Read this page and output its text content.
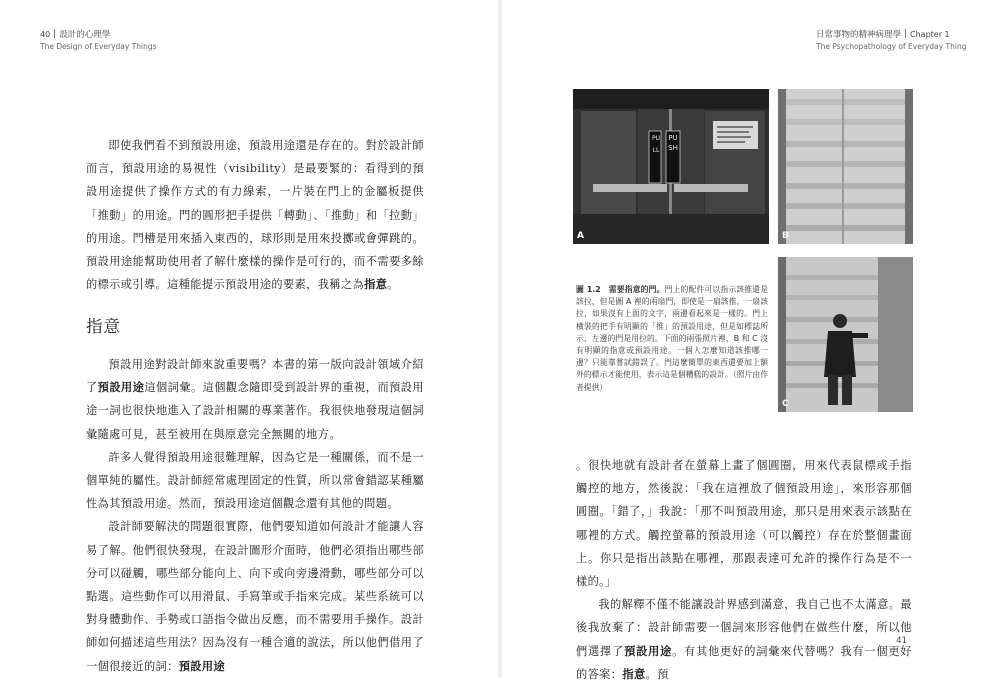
40 設計的心理學
The Design of Everyday Things

即使我們看不到預設用途，預設用途還是存在的。對於設計師而言，預設用途的易視性（visibility）是最要緊的：看得到的預設用途提供了操作方式的有力線索，一片裝在門上的金屬板提供「推動」的用途。門的圓形把手提供「轉動」、「推動」和「拉動」的用途。門槽是用來插入東西的，球形則是用來投擲或會彈跳的。預設用途能幫助使用者了解什麼樣的操作是可行的，而不需要多餘的標示或引導。這種能提示預設用途的要素，我稱之為指意。

指意

預設用途對設計師來說重要嗎？本書的第一版向設計領域介紹了預設用途這個詞彙。這個觀念隨即受到設計界的重視，而預設用途一詞也很快地進入了設計相關的專業著作。我很快地發現這個詞彙隨處可見，甚至被用在與原意完全無關的地方。

許多人覺得預設用途很難理解，因為它是一種關係，而不是一個單純的屬性。設計師經常處理固定的性質，所以常會錯認某種屬性為其預設用途。然而，預設用途這個觀念還有其他的問題。

設計師要解決的問題很實際，他們要知道如何設計才能讓人容易了解。他們很快發現，在設計圖形介面時，他們必須指出哪些部分可以碰觸，哪些部分能向上、向下或向旁邊滑動，哪些部分可以點選。這些動作可以用滑鼠、手寫筆或手指來完成。某些系統可以對身體動作、手勢或口語指令做出反應，而不需要用手操作。設計師如何描述這些用法？因為沒有一種合適的說法，所以他們借用了一個很接近的詞：預設用途

日常事物的精神病理學 Chapter 1
The Psychopathology of Everyday Thing
PULL
PUSH
A	B
C
圖 1.2　需要指意的門。門上的配件可以指示該推還是該拉，但是圖 A 裡的兩扇門，即使是一扇該推，一扇該拉，如果沒有上面的文字，兩邊看起來是一樣的。門上橫裝的把手有明顯的「推」的預設用途，但是如標誌所示，左邊的門是用拉的。下面的兩張照片裡，B 和 C 沒有明顯的指意或預設用途。一個人怎麼知道該推哪一邊？只能靠嘗試錯誤了。門這麼簡單的東西還要加上額外的標示才能使用，表示這是個糟糕的設計。（照片由作者提供）

。很快地就有設計者在螢幕上畫了個圓圈，用來代表鼠標或手指觸控的地方，然後說：「我在這裡放了個預設用途」，來形容那個圓圈。「錯了，」我說：「那不叫預設用途，那只是用來表示該點在哪裡的方式。觸控螢幕的預設用途（可以觸控）存在於整個畫面上。你只是指出該點在哪裡，那跟表達可允許的操作行為是不一樣的。」

我的解釋不僅不能讓設計界感到滿意，我自己也不太滿意。最後我放棄了：設計師需要一個詞來形容他們在做些什麼，所以他們選擇了預設用途。有其他更好的詞彙來代替嗎？我有一個更好的答案：指意。預

41
